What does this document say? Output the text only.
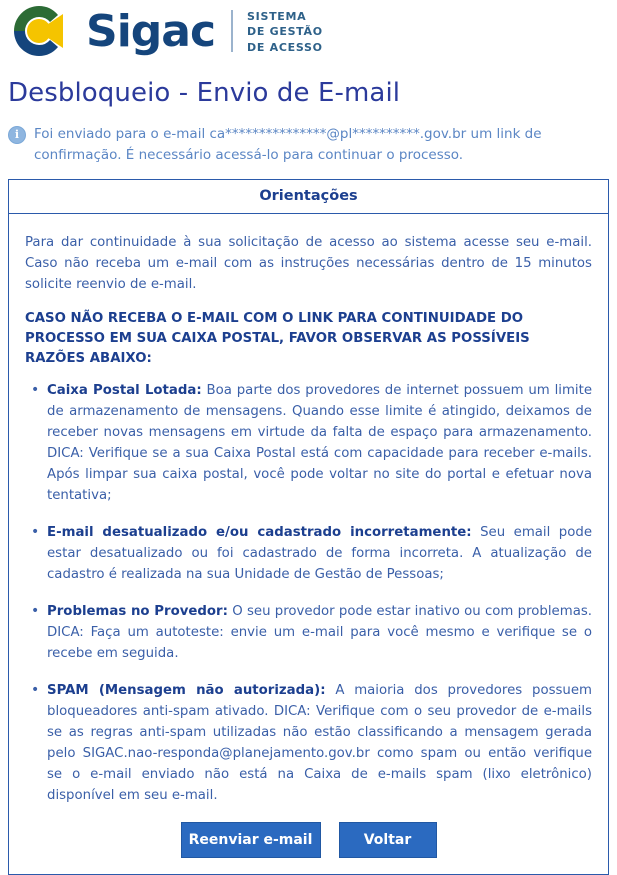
Sigac	SISTEMA
DE GESTÃO
DE ACESSO
Desbloqueio - Envio de E-mail
i	Foi enviado para o e-mail ca***************@pl**********.gov.br um link de confirmação. É necessário acessá-lo para continuar o processo.
Orientações

Para dar continuidade à sua solicitação de acesso ao sistema acesse seu e-mail. Caso não receba um e-mail com as instruções necessárias dentro de 15 minutos solicite reenvio de e-mail.

CASO NÃO RECEBA O E-MAIL COM O LINK PARA CONTINUIDADE DO PROCESSO EM SUA CAIXA POSTAL, FAVOR OBSERVAR AS POSSÍVEIS RAZÕES ABAIXO:

• Caixa Postal Lotada: Boa parte dos provedores de internet possuem um limite de armazenamento de mensagens. Quando esse limite é atingido, deixamos de receber novas mensagens em virtude da falta de espaço para armazenamento. DICA: Verifique se a sua Caixa Postal está com capacidade para receber e-mails. Após limpar sua caixa postal, você pode voltar no site do portal e efetuar nova tentativa;
• E-mail desatualizado e/ou cadastrado incorretamente: Seu email pode estar desatualizado ou foi cadastrado de forma incorreta. A atualização de cadastro é realizada na sua Unidade de Gestão de Pessoas;
• Problemas no Provedor: O seu provedor pode estar inativo ou com problemas. DICA: Faça um autoteste: envie um e-mail para você mesmo e verifique se o recebe em seguida.
• SPAM (Mensagem não autorizada): A maioria dos provedores possuem bloqueadores anti-spam ativado. DICA: Verifique com o seu provedor de e-mails se as regras anti-spam utilizadas não estão classificando a mensagem gerada pelo SIGAC.nao-responda@planejamento.gov.br como spam ou então verifique se o e-mail enviado não está na Caixa de e-mails spam (lixo eletrônico) disponível em seu e-mail.
Reenviar e-mail	Voltar
